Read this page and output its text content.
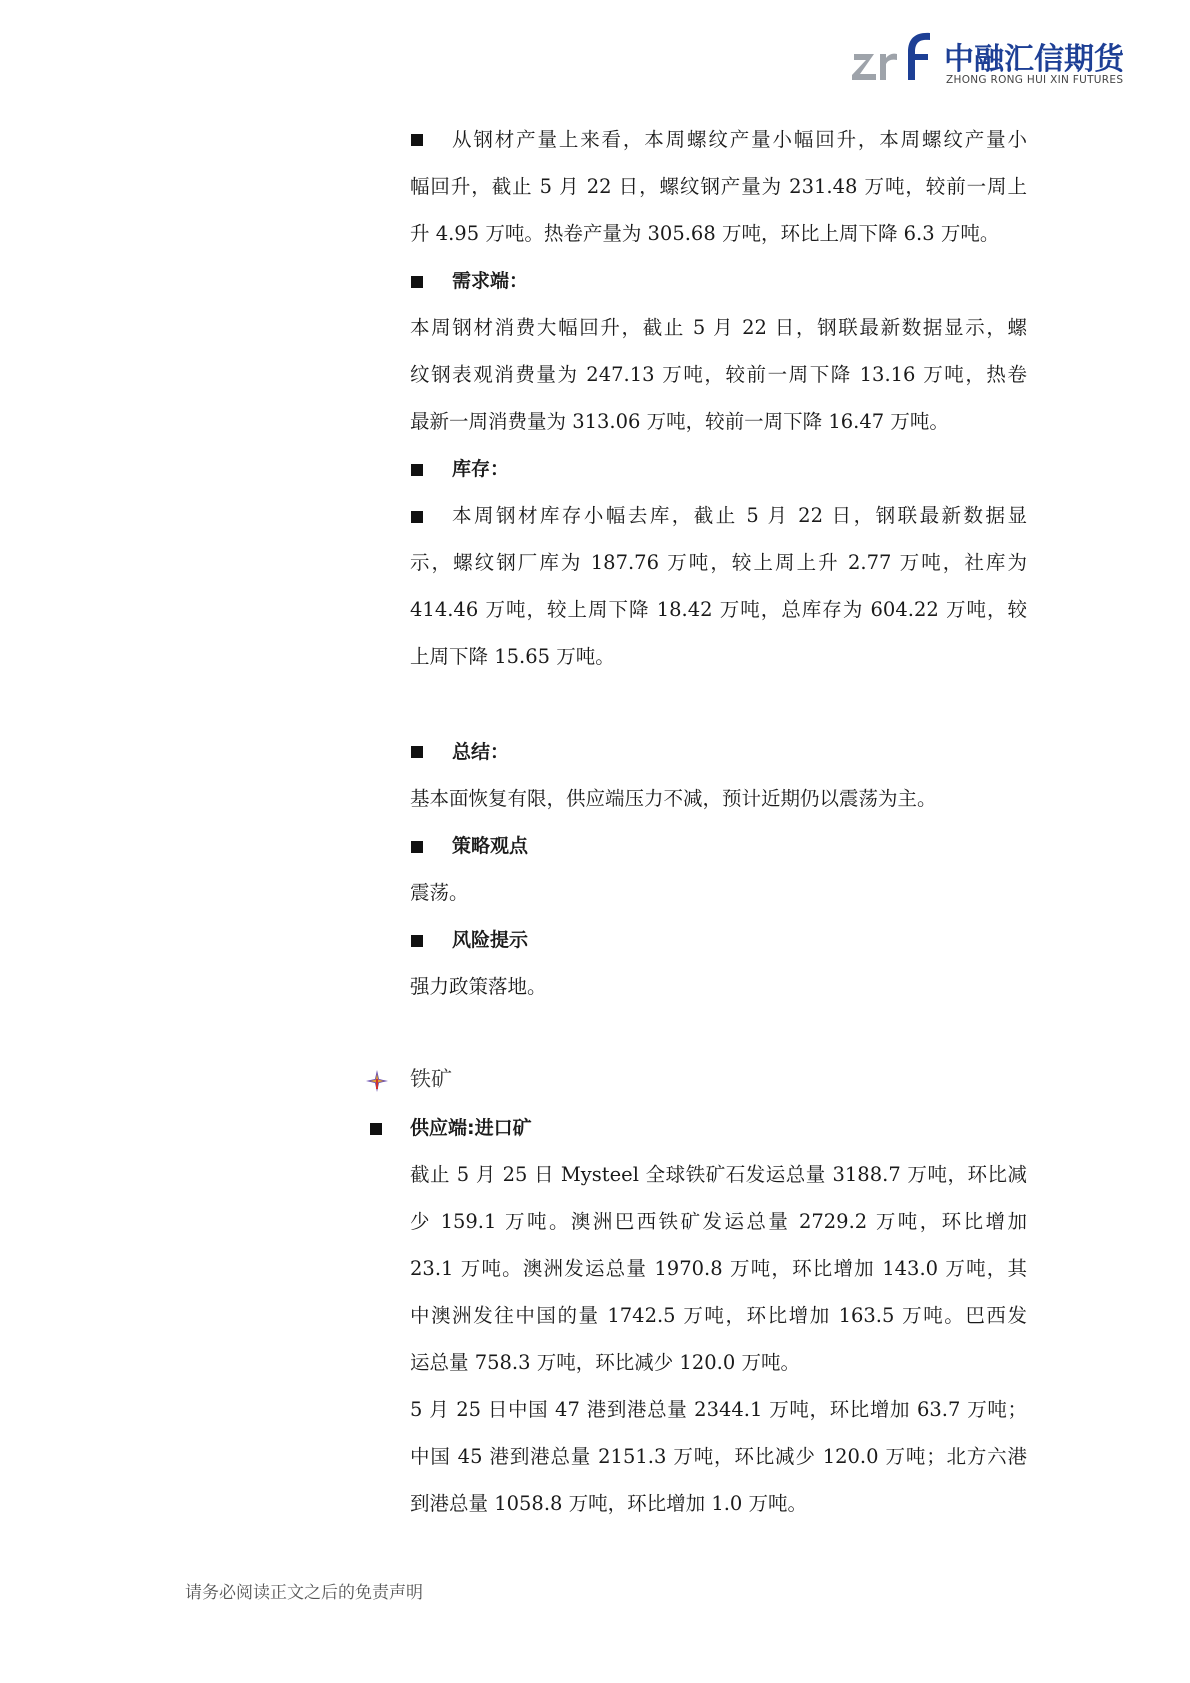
中融汇信期货
ZHONG RONG HUI XIN FUTURES
从钢材产量上来看，本周螺纹产量小幅回升，本周螺纹产量小
幅回升，截止 5 月 22 日，螺纹钢产量为 231.48 万吨，较前一周上
升 4.95 万吨。热卷产量为 305.68 万吨，环比上周下降 6.3 万吨。
需求端：
本周钢材消费大幅回升，截止 5 月 22 日，钢联最新数据显示，螺
纹钢表观消费量为 247.13 万吨，较前一周下降 13.16 万吨，热卷
最新一周消费量为 313.06 万吨，较前一周下降 16.47 万吨。
库存：
本周钢材库存小幅去库，截止 5 月 22 日，钢联最新数据显
示，螺纹钢厂库为 187.76 万吨，较上周上升 2.77 万吨，社库为
414.46 万吨，较上周下降 18.42 万吨，总库存为 604.22 万吨，较
上周下降 15.65 万吨。
总结：
基本面恢复有限，供应端压力不减，预计近期仍以震荡为主。
策略观点
震荡。
风险提示
强力政策落地。
铁矿
供应端:进口矿
截止 5 月 25 日 Mysteel 全球铁矿石发运总量 3188.7 万吨，环比减
少 159.1 万吨。澳洲巴西铁矿发运总量 2729.2 万吨，环比增加
23.1 万吨。澳洲发运总量 1970.8 万吨，环比增加 143.0 万吨，其
中澳洲发往中国的量 1742.5 万吨，环比增加 163.5 万吨。巴西发
运总量 758.3 万吨，环比减少 120.0 万吨。
5 月 25 日中国 47 港到港总量 2344.1 万吨，环比增加 63.7 万吨；
中国 45 港到港总量 2151.3 万吨，环比减少 120.0 万吨；北方六港
到港总量 1058.8 万吨，环比增加 1.0 万吨。
请务必阅读正文之后的免责声明
